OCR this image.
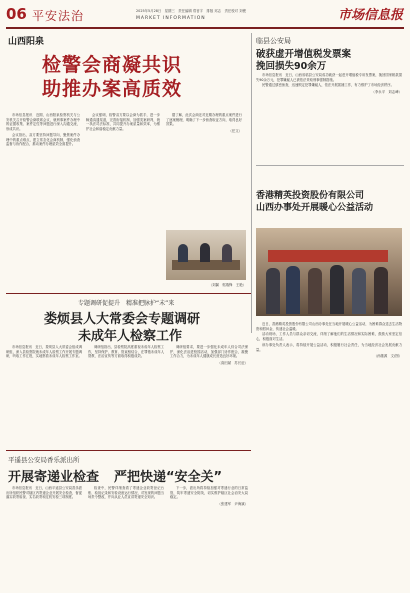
06 平安法治	2025年5月28日　星期三　责任编辑 郑晋宇　排版 邓志　责任校对 刘俊
MARKET INFORMATION	市场信息报
山西阳泉
检警会商凝共识
助推办案高质效

市场信息报讯　近期，山西阳泉检察机关与公安机关召开检警会商联席会议，就刑事案件办理中的证据收集、案件定性等问题进行深入沟通交流，形成共识。

会议指出，双方要坚持问题导向，聚焦案件办理中的重点难点，建立常态化会商机制，强化侦查监督与协作配合，推动案件办理质效全面提升。

会议强调，检警双方要以会商为抓手，进一步畅通沟通渠道，完善衔接机制，加强类案研判，统一执法司法标准，共同提升办案质量和效率，为维护社会和谐稳定贡献力量。

据了解，此次会商还对近期办理的重点案件进行了逐案梳理，明确了下一步侦查取证方向，取得良好效果。

（任文）
临县公安局
破获虚开增值税发票案
挽回损失90余万

市场信息报讯　近日，山西省临县公安局成功破获一起虚开增值税专用发票案，挽回国家税款损失90余万元，犯罪嫌疑人已被依法采取刑事强制措施。

民警通过缜密侦查，迅速锁定犯罪嫌疑人，依法开展抓捕工作，有力维护了市场经济秩序。

（李永平　刘志峰）
香港精英投资股份有限公司
山西办事处开展暖心公益活动

近日，香港精英投资股份有限公司山西办事处在当地开展暖心公益活动，为困难群众送去生活物资和慰问金，传递社会温暖。

活动现场，工作人员与群众亲切交流，详细了解他们的生活情况和实际困难，鼓励大家坚定信心，积极面对生活。

该办事处负责人表示，将持续开展公益活动，积极履行社会责任，为当地经济社会发展贡献力量。

（孙继源　文/图）
（刘翼　郭瑞锋　王艳）
专题调研促提升　精准把脉护“未”来
娄烦县人大常委会专题调研
未成年人检察工作

市场信息报讯　近日，娄烦县人大常委会组成调研组，深入县检察院就未成年人检察工作开展专题调研，听取工作汇报，实地察看未成年人检察工作室。

调研组指出，县检察院高度重视未成年人检察工作，坚持保护、教育、管束相结合，在罪错未成年人帮教、法治宣传等方面取得积极成效。

调研组要求，要进一步强化未成年人综合司法保护，深化法治进校园活动，加强部门协作配合，凝聚工作合力，为未成年人健康成长营造良好环境。

（高田斌　苏长征）
平遥县公安局香乐派出所
开展寄递业检查 严把快递“安全关”

市场信息报讯　近日，山西平遥县公安局香乐派出所组织民警对辖区内寄递企业开展安全检查，督促落实收寄验视、实名收寄和过机安检三项制度。

检查中，民警详细查看了寄递企业收寄登记台账、验视记录和安检设备运行情况，对发现的问题当场责令整改，并向从业人员宣讲寄递安全知识。

下一步，派出所将持续加强对寄递行业的日常监管，筑牢寄递安全防线，切实维护辖区社会治安大局稳定。

（张建军　尹海斌）
